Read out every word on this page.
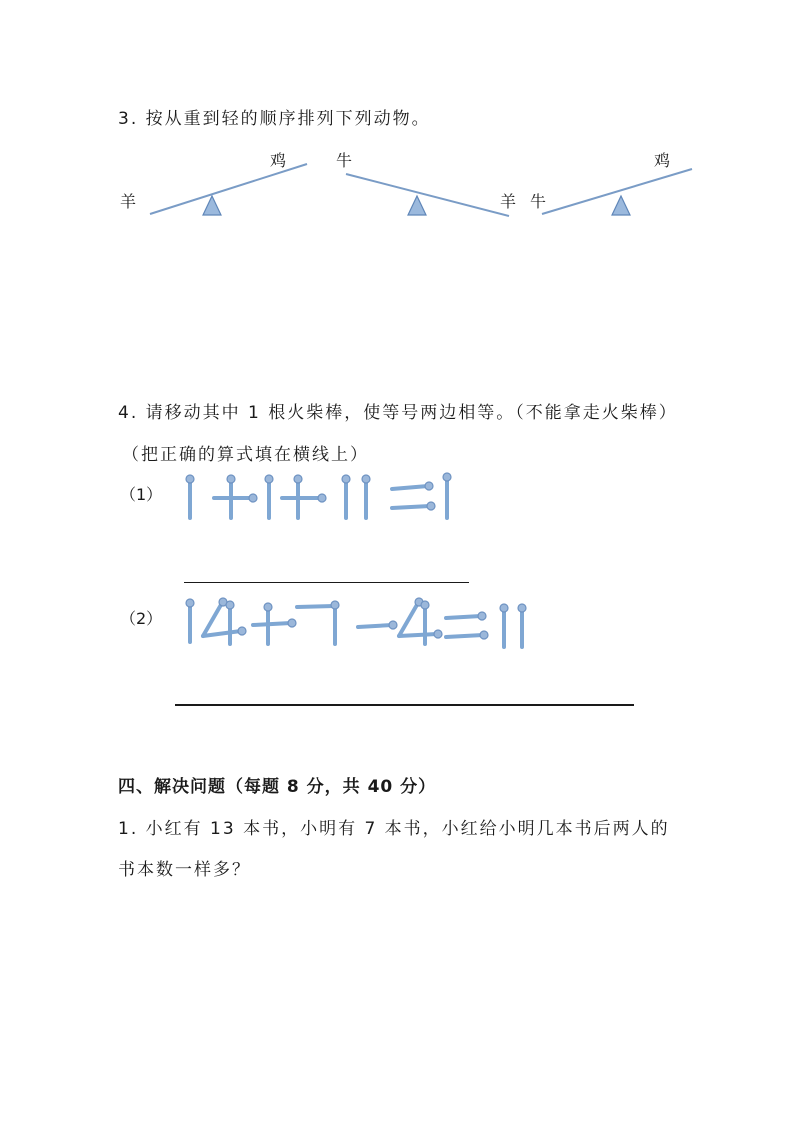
3. 按从重到轻的顺序排列下列动物。
羊
鸡	牛
羊 牛
鸡
4. 请移动其中 1 根火柴棒，使等号两边相等。（不能拿走火柴棒）
（把正确的算式填在横线上）
（1）
（2）
四、解决问题（每题 8 分，共 40 分）
1. 小红有 13 本书，小明有 7 本书，小红给小明几本书后两人的
书本数一样多？
